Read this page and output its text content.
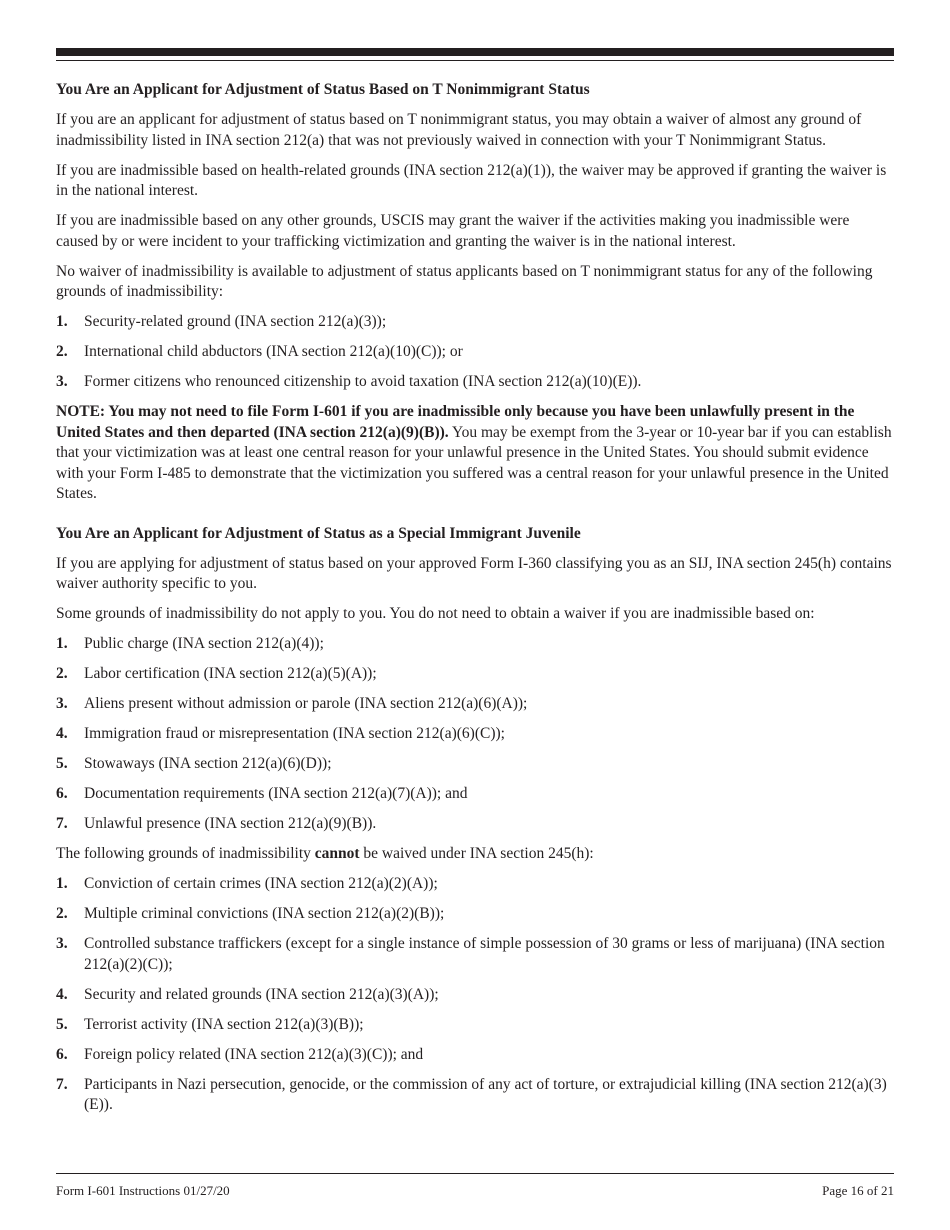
You Are an Applicant for Adjustment of Status Based on T Nonimmigrant Status

If you are an applicant for adjustment of status based on T nonimmigrant status, you may obtain a waiver of almost any ground of inadmissibility listed in INA section 212(a) that was not previously waived in connection with your T Nonimmigrant Status.

If you are inadmissible based on health-related grounds (INA section 212(a)(1)), the waiver may be approved if granting the waiver is in the national interest.

If you are inadmissible based on any other grounds, USCIS may grant the waiver if the activities making you inadmissible were caused by or were incident to your trafficking victimization and granting the waiver is in the national interest.

No waiver of inadmissibility is available to adjustment of status applicants based on T nonimmigrant status for any of the following grounds of inadmissibility:

1.	Security-related ground (INA section 212(a)(3));
2.	International child abductors (INA section 212(a)(10)(C)); or
3.	Former citizens who renounced citizenship to avoid taxation (INA section 212(a)(10)(E)).

NOTE: You may not need to file Form I-601 if you are inadmissible only because you have been unlawfully present in the United States and then departed (INA section 212(a)(9)(B)). You may be exempt from the 3-year or 10-year bar if you can establish that your victimization was at least one central reason for your unlawful presence in the United States. You should submit evidence with your Form I-485 to demonstrate that the victimization you suffered was a central reason for your unlawful presence in the United States.

You Are an Applicant for Adjustment of Status as a Special Immigrant Juvenile

If you are applying for adjustment of status based on your approved Form I-360 classifying you as an SIJ, INA section 245(h) contains waiver authority specific to you.

Some grounds of inadmissibility do not apply to you. You do not need to obtain a waiver if you are inadmissible based on:

1.	Public charge (INA section 212(a)(4));
2.	Labor certification (INA section 212(a)(5)(A));
3.	Aliens present without admission or parole (INA section 212(a)(6)(A));
4.	Immigration fraud or misrepresentation (INA section 212(a)(6)(C));
5.	Stowaways (INA section 212(a)(6)(D));
6.	Documentation requirements (INA section 212(a)(7)(A)); and
7.	Unlawful presence (INA section 212(a)(9)(B)).

The following grounds of inadmissibility cannot be waived under INA section 245(h):

1.	Conviction of certain crimes (INA section 212(a)(2)(A));
2.	Multiple criminal convictions (INA section 212(a)(2)(B));
3.	Controlled substance traffickers (except for a single instance of simple possession of 30 grams or less of marijuana) (INA section 212(a)(2)(C));
4.	Security and related grounds (INA section 212(a)(3)(A));
5.	Terrorist activity (INA section 212(a)(3)(B));
6.	Foreign policy related (INA section 212(a)(3)(C)); and
7.	Participants in Nazi persecution, genocide, or the commission of any act of torture, or extrajudicial killing (INA section 212(a)(3)(E)).
Form I-601 Instructions 01/27/20	Page 16 of 21
